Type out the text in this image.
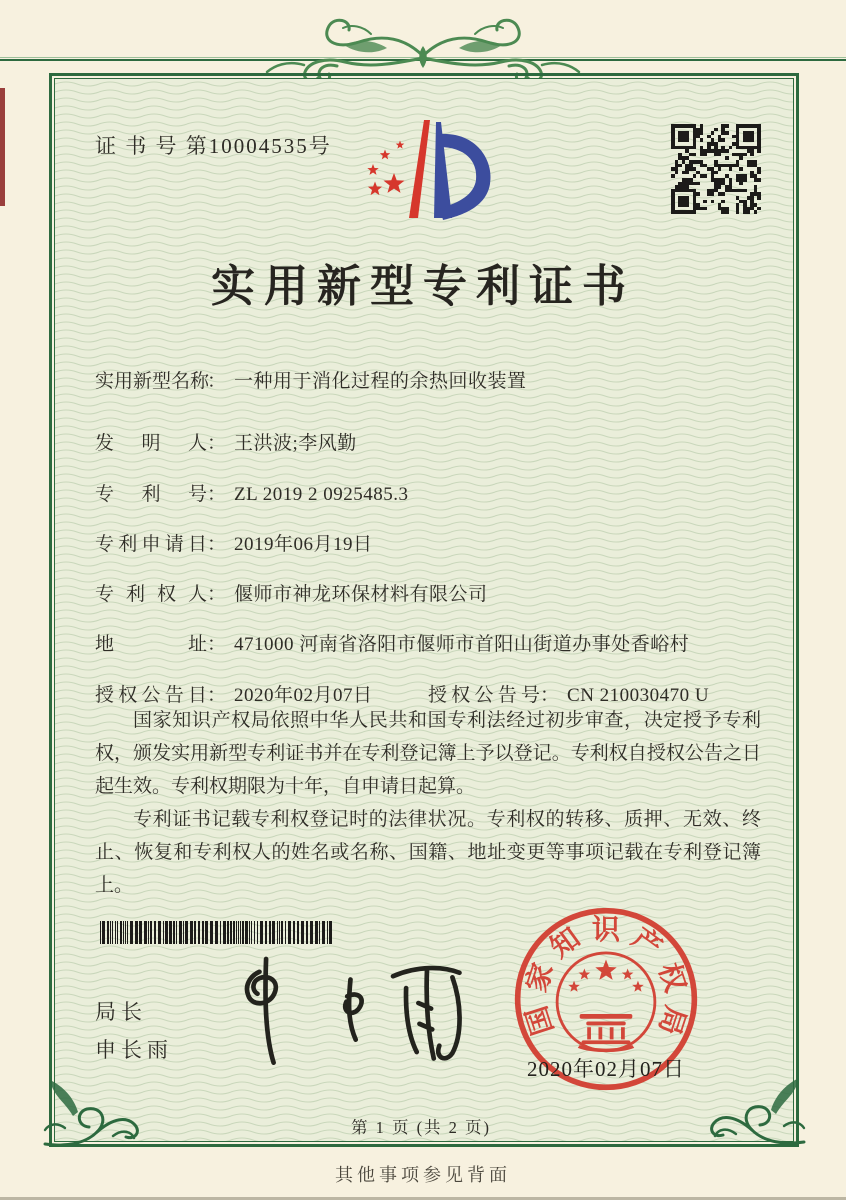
证 书 号 第10004535号
实用新型专利证书
实用新型名称： 一种用于消化过程的余热回收装置
发明人： 王洪波;李风勤
专利号： ZL 2019 2 0925485.3
专利申请日： 2019年06月19日
专利权人： 偃师市神龙环保材料有限公司
地址： 471000 河南省洛阳市偃师市首阳山街道办事处香峪村
授权公告日： 2020年02月07日	授权公告号： CN 210030470 U

国家知识产权局依照中华人民共和国专利法经过初步审查，决定授予专利权，颁发实用新型专利证书并在专利登记簿上予以登记。专利权自授权公告之日起生效。专利权期限为十年，自申请日起算。

专利证书记载专利权登记时的法律状况。专利权的转移、质押、无效、终止、恢复和专利权人的姓名或名称、国籍、地址变更等事项记载在专利登记簿上。

局长
申长雨
国
家
知 识 产
权
局
2020年02月07日
第 1 页 (共 2 页)
其他事项参见背面
